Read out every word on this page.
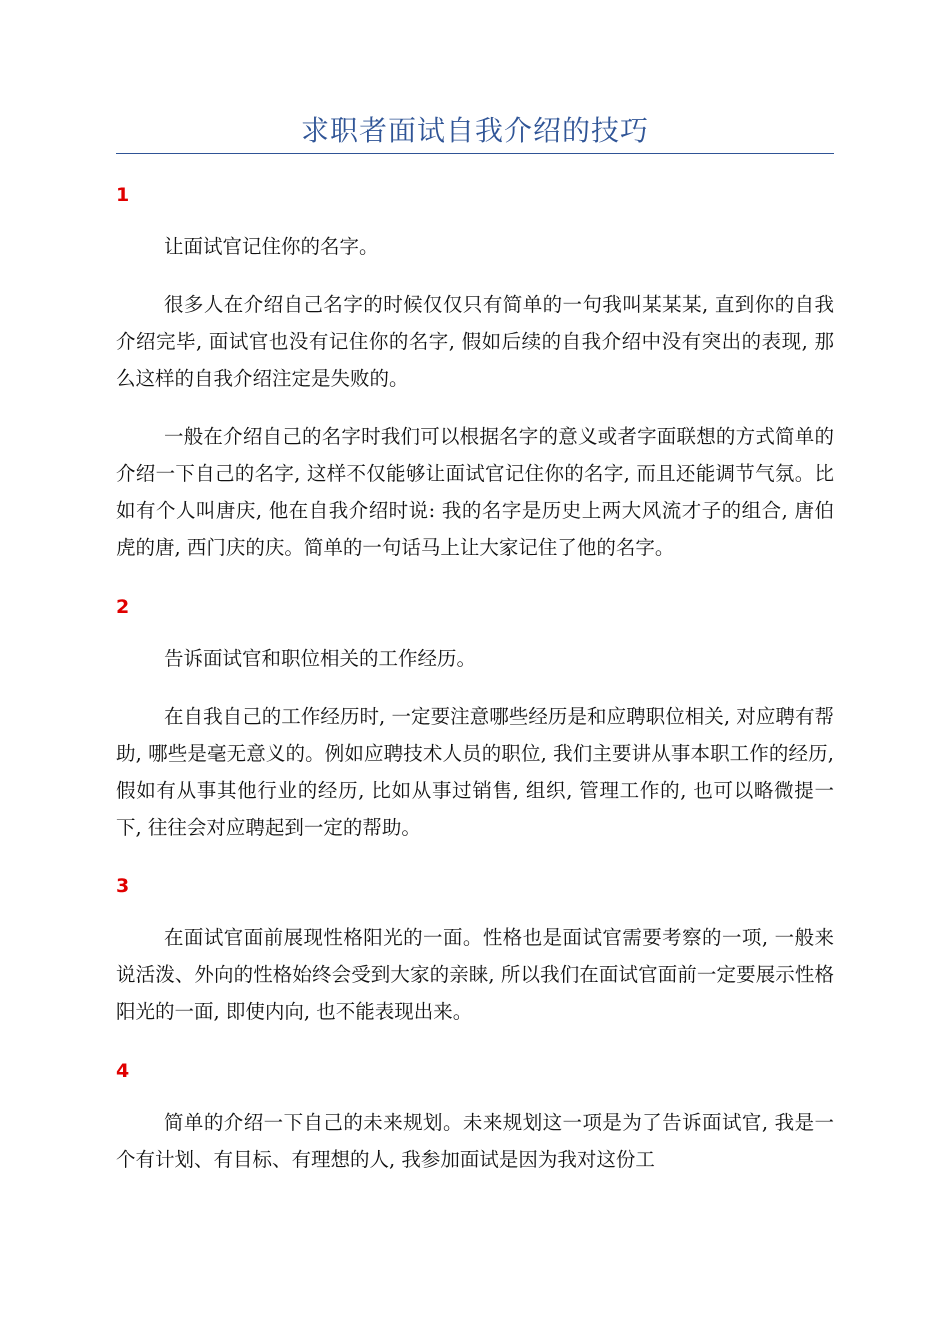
求职者面试自我介绍的技巧
1

让面试官记住你的名字。

很多人在介绍自己名字的时候仅仅只有简单的一句我叫某某某, 直到你的自我介绍完毕, 面试官也没有记住你的名字, 假如后续的自我介绍中没有突出的表现, 那么这样的自我介绍注定是失败的。

一般在介绍自己的名字时我们可以根据名字的意义或者字面联想的方式简单的介绍一下自己的名字, 这样不仅能够让面试官记住你的名字, 而且还能调节气氛。比如有个人叫唐庆, 他在自我介绍时说: 我的名字是历史上两大风流才子的组合, 唐伯虎的唐, 西门庆的庆。简单的一句话马上让大家记住了他的名字。

2

告诉面试官和职位相关的工作经历。

在自我自己的工作经历时, 一定要注意哪些经历是和应聘职位相关, 对应聘有帮助, 哪些是毫无意义的。例如应聘技术人员的职位, 我们主要讲从事本职工作的经历, 假如有从事其他行业的经历, 比如从事过销售, 组织, 管理工作的, 也可以略微提一下, 往往会对应聘起到一定的帮助。

3

在面试官面前展现性格阳光的一面。性格也是面试官需要考察的一项, 一般来说活泼、外向的性格始终会受到大家的亲睐, 所以我们在面试官面前一定要展示性格阳光的一面, 即使内向, 也不能表现出来。

4

简单的介绍一下自己的未来规划。未来规划这一项是为了告诉面试官, 我是一个有计划、有目标、有理想的人, 我参加面试是因为我对这份工
